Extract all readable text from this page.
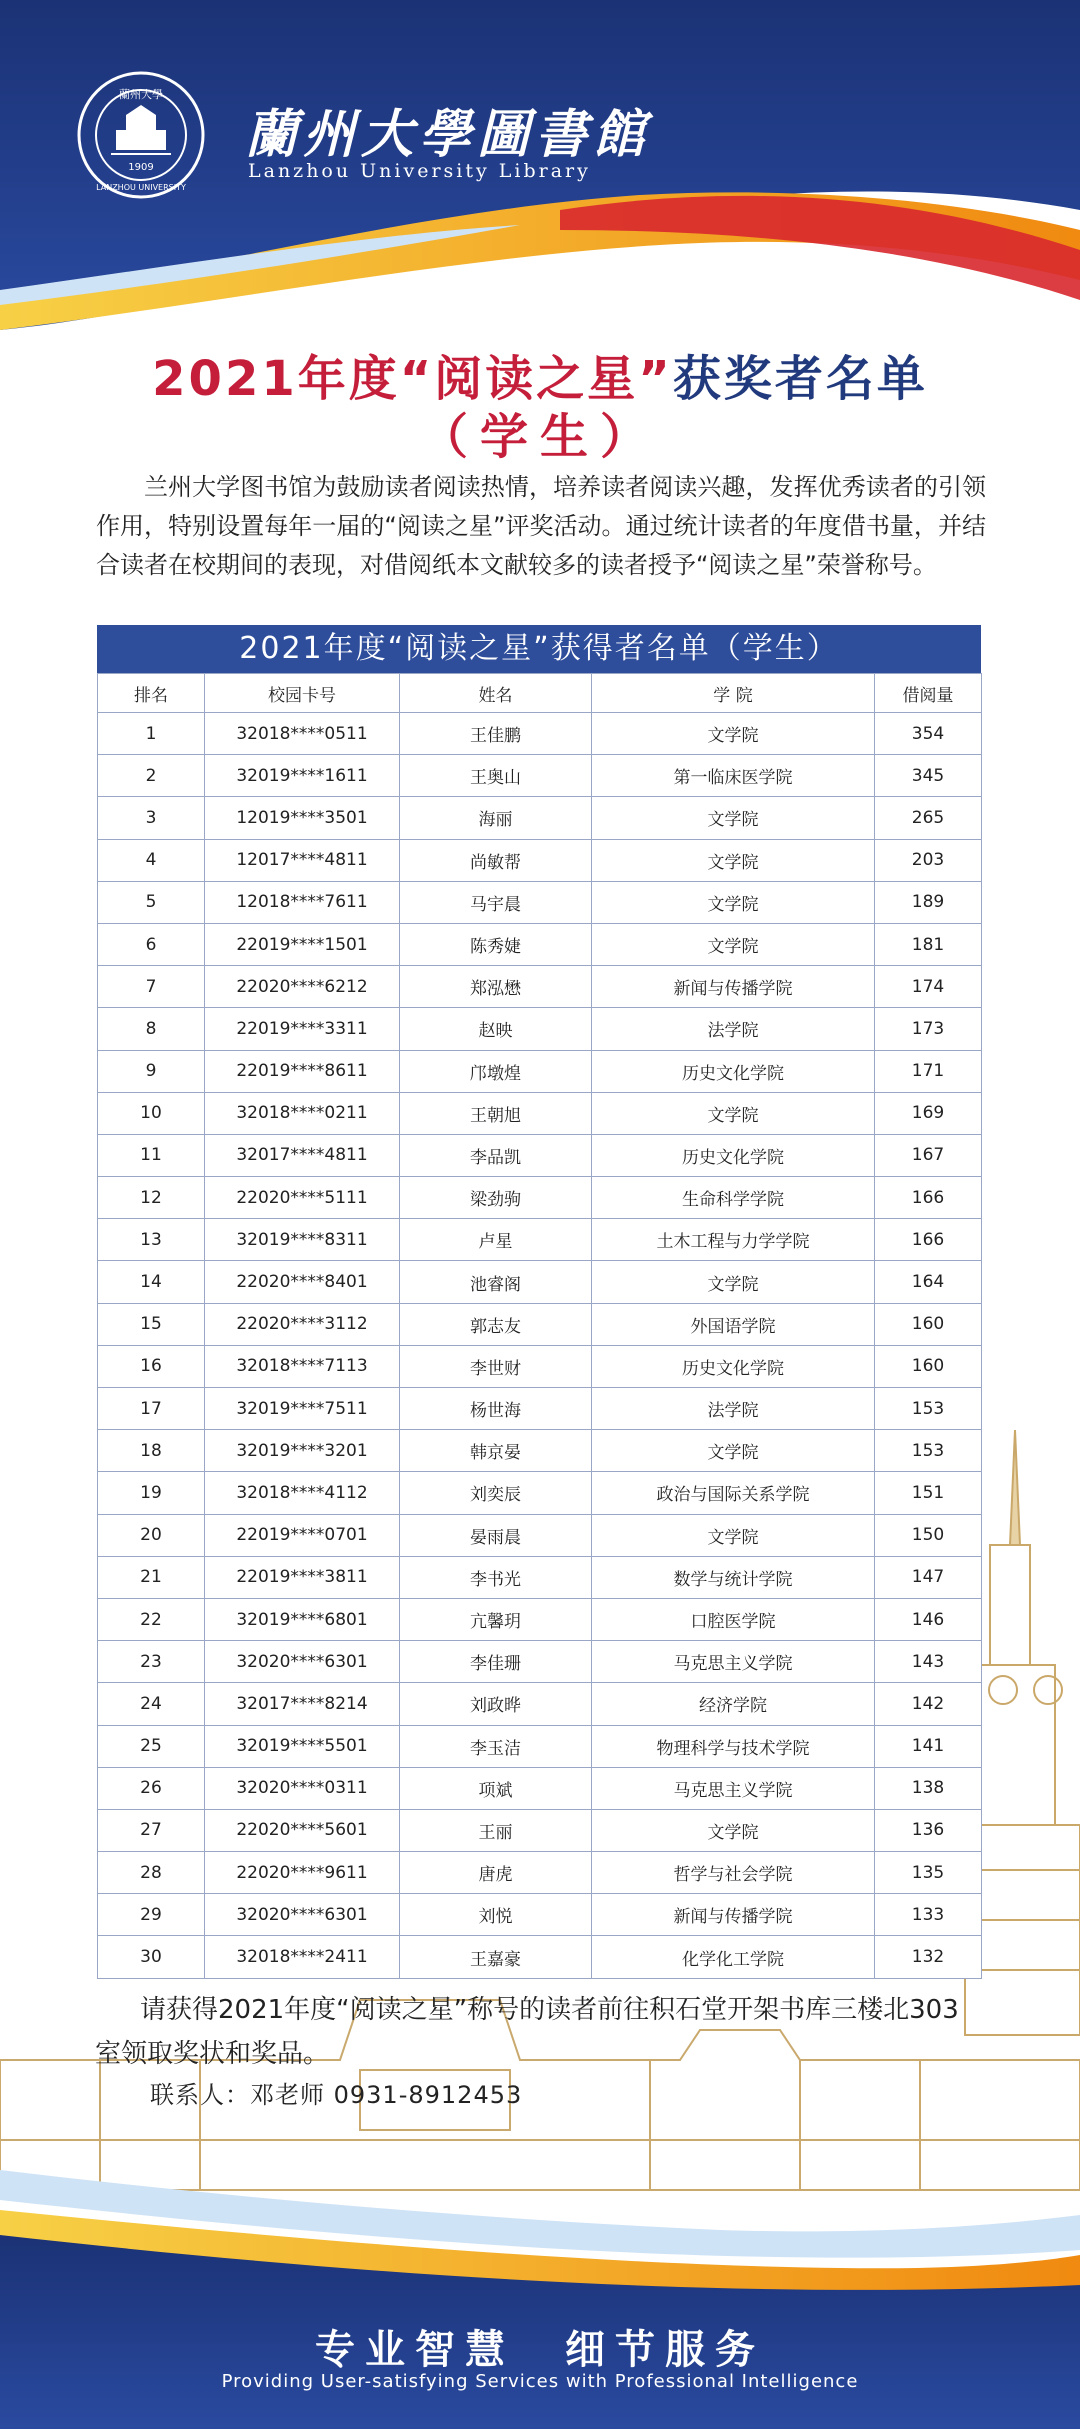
1909
蘭州大學
LANZHOU UNIVERSITY
蘭州大學圖書館
Lanzhou University Library
2021年度“阅读之星”获奖者名单
（学生）
兰州大学图书馆为鼓励读者阅读热情，培养读者阅读兴趣，发挥优秀读者的引领作用，特别设置每年一届的“阅读之星”评奖活动。通过统计读者的年度借书量，并结合读者在校期间的表现，对借阅纸本文献较多的读者授予“阅读之星”荣誉称号。
2021年度“阅读之星”获得者名单（学生）
排名	校园卡号	姓名	学 院	借阅量
1	32018****0511	王佳鹏	文学院	354
2	32019****1611	王奥山	第一临床医学院	345
3	12019****3501	海丽	文学院	265
4	12017****4811	尚敏帮	文学院	203
5	12018****7611	马宇晨	文学院	189
6	22019****1501	陈秀婕	文学院	181
7	22020****6212	郑泓懋	新闻与传播学院	174
8	22019****3311	赵映	法学院	173
9	22019****8611	邝墩煌	历史文化学院	171
10	32018****0211	王朝旭	文学院	169
11	32017****4811	李品凯	历史文化学院	167
12	22020****5111	梁劲驹	生命科学学院	166
13	32019****8311	卢星	土木工程与力学学院	166
14	22020****8401	池睿阁	文学院	164
15	22020****3112	郭志友	外国语学院	160
16	32018****7113	李世财	历史文化学院	160
17	32019****7511	杨世海	法学院	153
18	32019****3201	韩京晏	文学院	153
19	32018****4112	刘奕辰	政治与国际关系学院	151
20	22019****0701	晏雨晨	文学院	150
21	22019****3811	李书光	数学与统计学院	147
22	32019****6801	亢馨玥	口腔医学院	146
23	32020****6301	李佳珊	马克思主义学院	143
24	32017****8214	刘政晔	经济学院	142
25	32019****5501	李玉洁	物理科学与技术学院	141
26	32020****0311	项斌	马克思主义学院	138
27	22020****5601	王丽	文学院	136
28	22020****9611	唐虎	哲学与社会学院	135
29	32020****6301	刘悦	新闻与传播学院	133
30	32018****2411	王嘉豪	化学化工学院	132
请获得2021年度“阅读之星”称号的读者前往积石堂开架书库三楼北303
室领取奖状和奖品。
联系人：邓老师 0931-8912453
专业智慧　细节服务
Providing User-satisfying Services with Professional Intelligence
